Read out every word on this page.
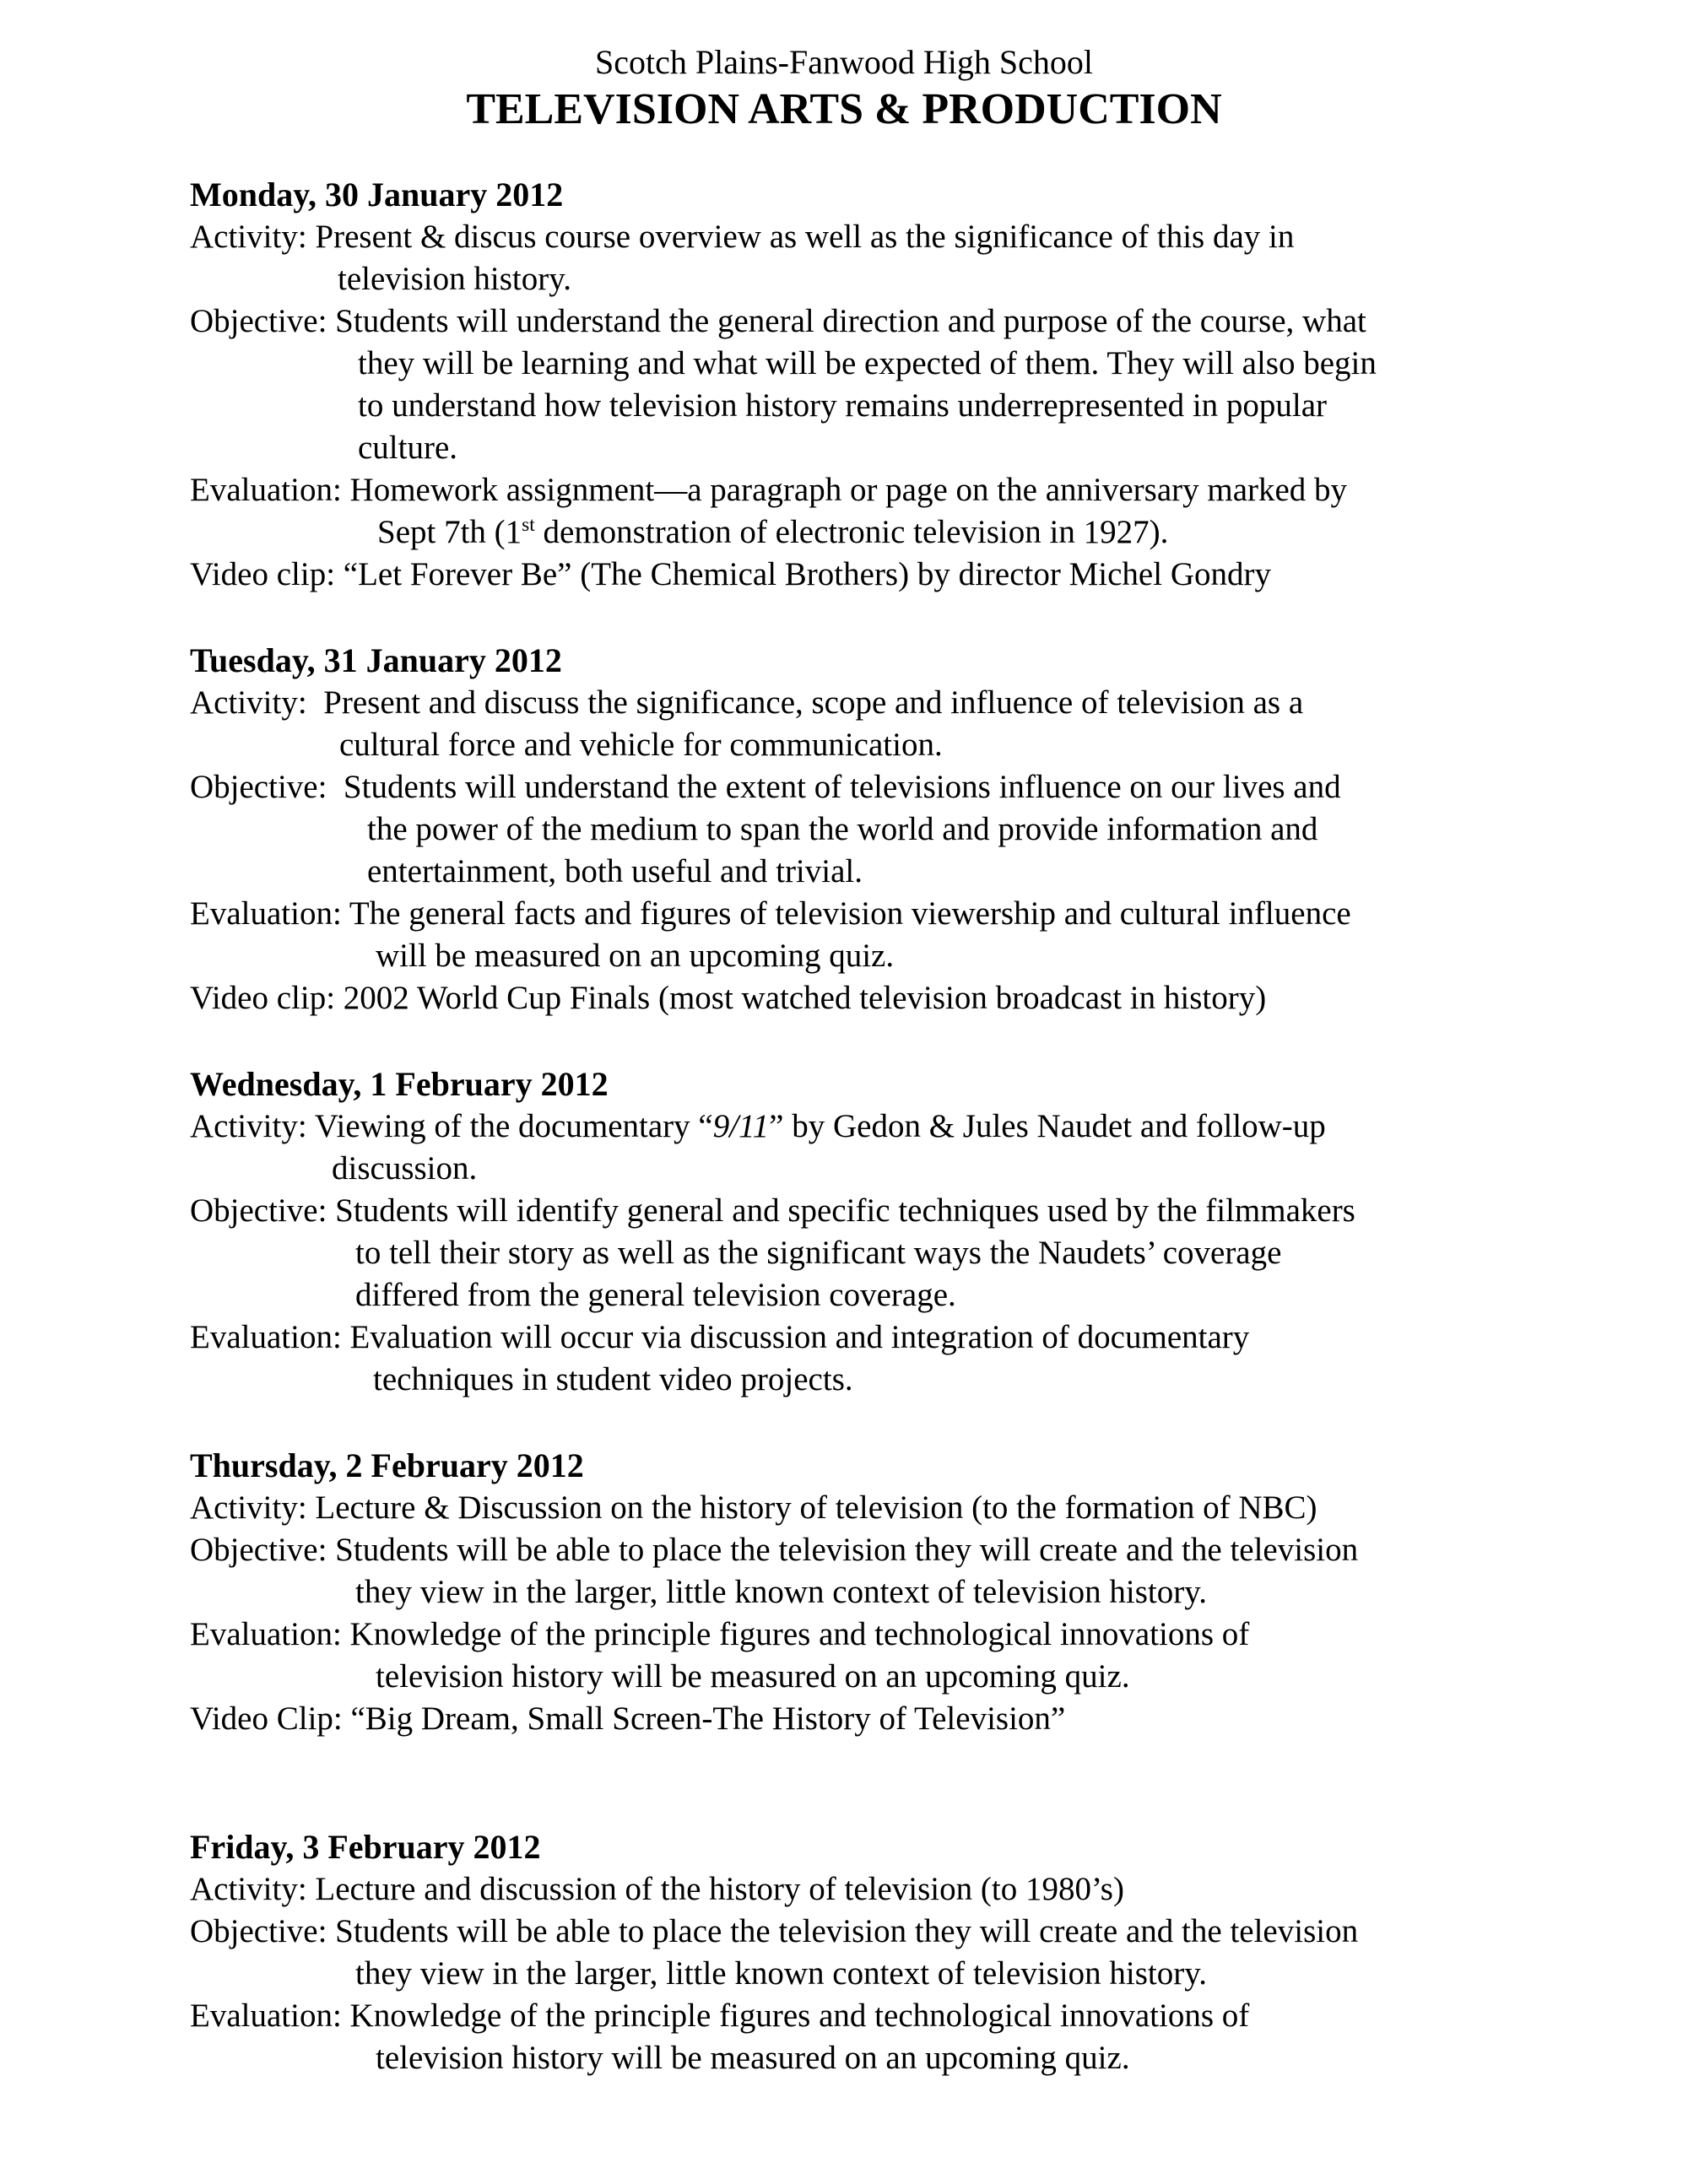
Scotch Plains-Fanwood High School
TELEVISION ARTS & PRODUCTION
Monday, 30 January 2012
Activity: Present & discus course overview as well as the significance of this day in
television history.
Objective: Students will understand the general direction and purpose of the course, what
they will be learning and what will be expected of them. They will also begin
to understand how television history remains underrepresented in popular
culture.
Evaluation: Homework assignment—a paragraph or page on the anniversary marked by
Sept 7th (1st demonstration of electronic television in 1927).
Video clip: “Let Forever Be” (The Chemical Brothers) by director Michel Gondry
Tuesday, 31 January 2012
Activity:  Present and discuss the significance, scope and influence of television as a
cultural force and vehicle for communication.
Objective:  Students will understand the extent of televisions influence on our lives and
the power of the medium to span the world and provide information and
entertainment, both useful and trivial.
Evaluation: The general facts and figures of television viewership and cultural influence
will be measured on an upcoming quiz.
Video clip: 2002 World Cup Finals (most watched television broadcast in history)
Wednesday, 1 February 2012
Activity: Viewing of the documentary “9/11” by Gedon & Jules Naudet and follow-up
discussion.
Objective: Students will identify general and specific techniques used by the filmmakers
to tell their story as well as the significant ways the Naudets’ coverage
differed from the general television coverage.
Evaluation: Evaluation will occur via discussion and integration of documentary
techniques in student video projects.
Thursday, 2 February 2012
Activity: Lecture & Discussion on the history of television (to the formation of NBC)
Objective: Students will be able to place the television they will create and the television
they view in the larger, little known context of television history.
Evaluation: Knowledge of the principle figures and technological innovations of
television history will be measured on an upcoming quiz.
Video Clip: “Big Dream, Small Screen-The History of Television”
Friday, 3 February 2012
Activity: Lecture and discussion of the history of television (to 1980’s)
Objective: Students will be able to place the television they will create and the television
they view in the larger, little known context of television history.
Evaluation: Knowledge of the principle figures and technological innovations of
television history will be measured on an upcoming quiz.
